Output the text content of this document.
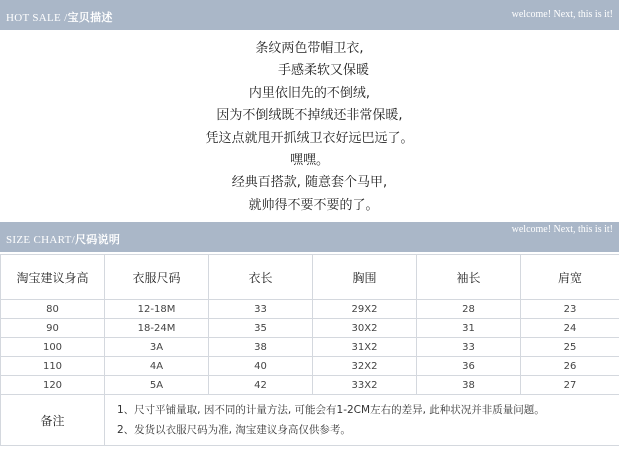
HOT SALE /宝贝描述	welcome! Next, this is it!
条纹两色带帽卫衣,
手感柔软又保暖
内里依旧先的不倒绒,
因为不倒绒既不掉绒还非常保暖,
凭这点就甩开抓绒卫衣好远巴远了。
嘿嘿。
经典百搭款, 随意套个马甲,
就帅得不要不要的了。
SIZE CHART/尺码说明
welcome! Next, this is it!
淘宝建议身高	衣服尺码	衣长	胸围	袖长	肩宽
80	12-18M	33	29X2	28	23
90	18-24M	35	30X2	31	24
100	3A	38	31X2	33	25
110	4A	40	32X2	36	26
120	5A	42	33X2	38	27
备注	1、尺寸平铺量取, 因不同的计量方法, 可能会有1-2CM左右的差异, 此种状况并非质量问题。
2、发货以衣服尺码为准, 淘宝建议身高仅供参考。				
